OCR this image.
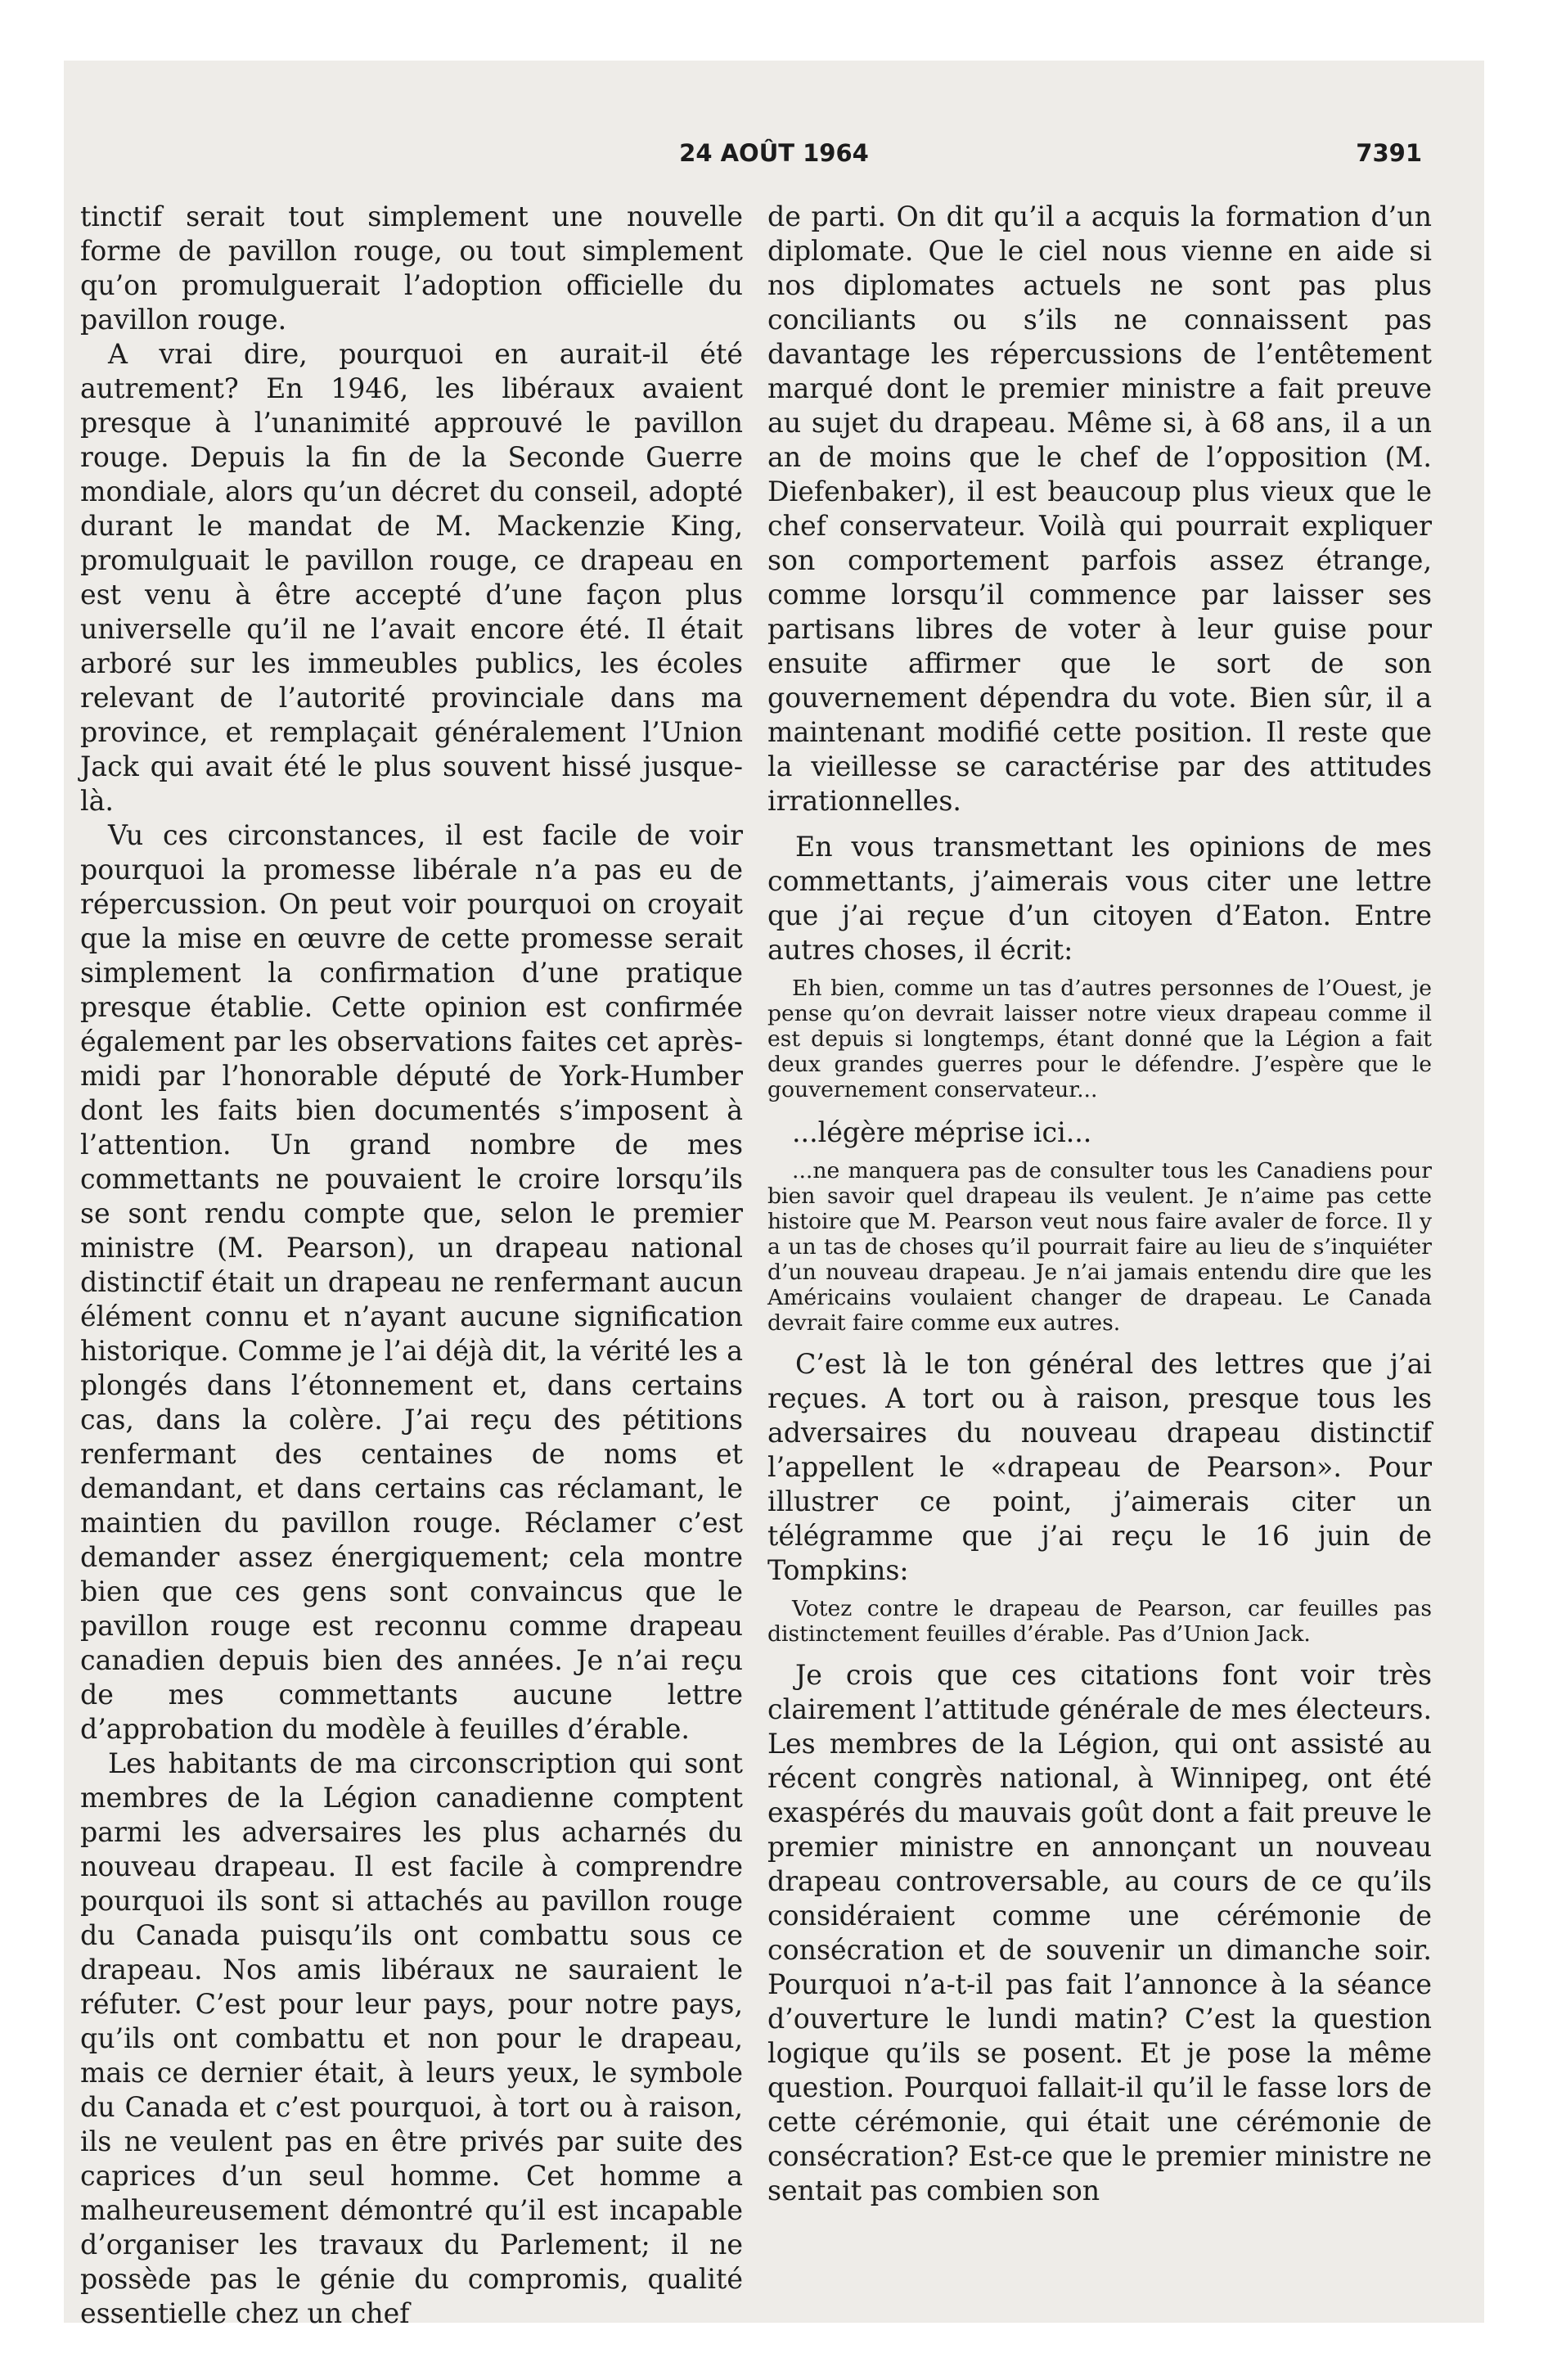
24 AOÛT 1964	7391

tinctif serait tout simplement une nouvelle forme de pavillon rouge, ou tout simplement qu’on promulguerait l’adoption officielle du pavillon rouge.

A vrai dire, pourquoi en aurait-il été autrement? En 1946, les libéraux avaient presque à l’unanimité approuvé le pavillon rouge. Depuis la fin de la Seconde Guerre mondiale, alors qu’un décret du conseil, adopté durant le mandat de M. Mackenzie King, promulguait le pavillon rouge, ce drapeau en est venu à être accepté d’une façon plus universelle qu’il ne l’avait encore été. Il était arboré sur les immeubles publics, les écoles relevant de l’autorité provinciale dans ma province, et remplaçait généralement l’Union Jack qui avait été le plus souvent hissé jusque-là.

Vu ces circonstances, il est facile de voir pourquoi la promesse libérale n’a pas eu de répercussion. On peut voir pourquoi on croyait que la mise en œuvre de cette promesse serait simplement la confirmation d’une pratique presque établie. Cette opinion est confirmée également par les observations faites cet après-midi par l’honorable député de York-Humber dont les faits bien documentés s’imposent à l’attention. Un grand nombre de mes commettants ne pouvaient le croire lorsqu’ils se sont rendu compte que, selon le premier ministre (M. Pearson), un drapeau national distinctif était un drapeau ne renfermant aucun élément connu et n’ayant aucune signification historique. Comme je l’ai déjà dit, la vérité les a plongés dans l’étonnement et, dans certains cas, dans la colère. J’ai reçu des pétitions renfermant des centaines de noms et demandant, et dans certains cas réclamant, le maintien du pavillon rouge. Réclamer c’est demander assez énergiquement; cela montre bien que ces gens sont convaincus que le pavillon rouge est reconnu comme drapeau canadien depuis bien des années. Je n’ai reçu de mes commettants aucune lettre d’approbation du modèle à feuilles d’érable.

Les habitants de ma circonscription qui sont membres de la Légion canadienne comptent parmi les adversaires les plus acharnés du nouveau drapeau. Il est facile à comprendre pourquoi ils sont si attachés au pavillon rouge du Canada puisqu’ils ont combattu sous ce drapeau. Nos amis libéraux ne sauraient le réfuter. C’est pour leur pays, pour notre pays, qu’ils ont combattu et non pour le drapeau, mais ce dernier était, à leurs yeux, le symbole du Canada et c’est pourquoi, à tort ou à raison, ils ne veulent pas en être privés par suite des caprices d’un seul homme. Cet homme a malheureusement démontré qu’il est incapable d’organiser les travaux du Parlement; il ne possède pas le génie du compromis, qualité essentielle chez un chef

de parti. On dit qu’il a acquis la formation d’un diplomate. Que le ciel nous vienne en aide si nos diplomates actuels ne sont pas plus conciliants ou s’ils ne connaissent pas davantage les répercussions de l’entêtement marqué dont le premier ministre a fait preuve au sujet du drapeau. Même si, à 68 ans, il a un an de moins que le chef de l’opposition (M. Diefenbaker), il est beaucoup plus vieux que le chef conservateur. Voilà qui pourrait expliquer son comportement parfois assez étrange, comme lorsqu’il commence par laisser ses partisans libres de voter à leur guise pour ensuite affirmer que le sort de son gouvernement dépendra du vote. Bien sûr, il a maintenant modifié cette position. Il reste que la vieillesse se caractérise par des attitudes irrationnelles.

En vous transmettant les opinions de mes commettants, j’aimerais vous citer une lettre que j’ai reçue d’un citoyen d’Eaton. Entre autres choses, il écrit:

Eh bien, comme un tas d’autres personnes de l’Ouest, je pense qu’on devrait laisser notre vieux drapeau comme il est depuis si longtemps, étant donné que la Légion a fait deux grandes guerres pour le défendre. J’espère que le gouvernement conservateur...
...légère méprise ici...
...ne manquera pas de consulter tous les Canadiens pour bien savoir quel drapeau ils veulent. Je n’aime pas cette histoire que M. Pearson veut nous faire avaler de force. Il y a un tas de choses qu’il pourrait faire au lieu de s’inquiéter d’un nouveau drapeau. Je n’ai jamais entendu dire que les Américains voulaient changer de drapeau. Le Canada devrait faire comme eux autres.

C’est là le ton général des lettres que j’ai reçues. A tort ou à raison, presque tous les adversaires du nouveau drapeau distinctif l’appellent le «drapeau de Pearson». Pour illustrer ce point, j’aimerais citer un télégramme que j’ai reçu le 16 juin de Tompkins:

Votez contre le drapeau de Pearson, car feuilles pas distinctement feuilles d’érable. Pas d’Union Jack.

Je crois que ces citations font voir très clairement l’attitude générale de mes électeurs. Les membres de la Légion, qui ont assisté au récent congrès national, à Winnipeg, ont été exaspérés du mauvais goût dont a fait preuve le premier ministre en annonçant un nouveau drapeau controversable, au cours de ce qu’ils considéraient comme une cérémonie de consécration et de souvenir un dimanche soir. Pourquoi n’a-t-il pas fait l’annonce à la séance d’ouverture le lundi matin? C’est la question logique qu’ils se posent. Et je pose la même question. Pourquoi fallait-il qu’il le fasse lors de cette cérémonie, qui était une cérémonie de consécration? Est-ce que le premier ministre ne sentait pas combien son
